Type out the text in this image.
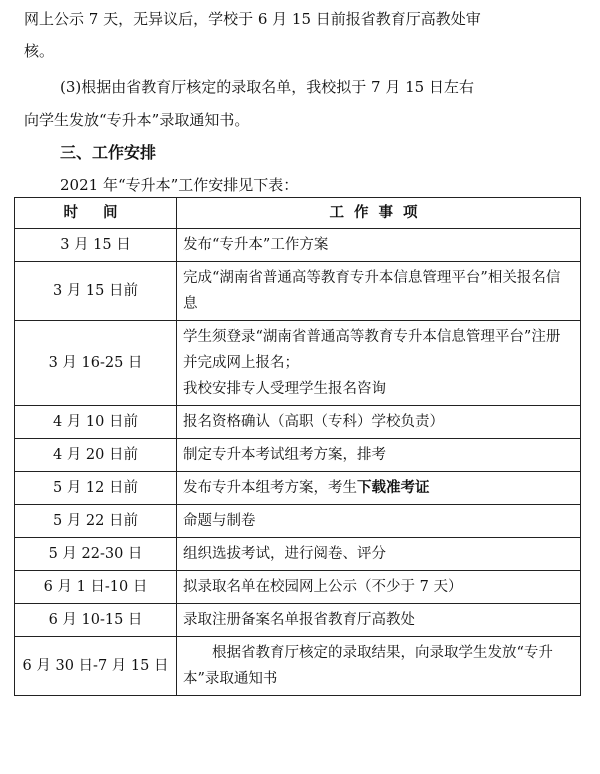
网上公示 7 天，无异议后，学校于 6 月 15 日前报省教育厅高教处审
核。
(3)根据由省教育厅核定的录取名单，我校拟于 7 月 15 日左右
向学生发放“专升本”录取通知书。
三、工作安排
2021 年“专升本”工作安排见下表：
时 间	工作事项
3 月 15 日	发布“专升本”工作方案
3 月 15 日前	完成“湖南省普通高等教育专升本信息管理平台”相关报名信息
3 月 16-25 日	学生须登录“湖南省普通高等教育专升本信息管理平台”注册并完成网上报名；
我校安排专人受理学生报名咨询

4 月 10 日前	报名资格确认（高职（专科）学校负责）
4 月 20 日前	制定专升本考试组考方案，排考
5 月 12 日前	发布专升本组考方案，考生下载准考证
5 月 22 日前	命题与制卷
5 月 22-30 日	组织选拔考试，进行阅卷、评分
6 月 1 日-10 日	拟录取名单在校园网上公示（不少于 7 天）
6 月 10-15 日	录取注册备案名单报省教育厅高教处
6 月 30 日-7 月 15 日	根据省教育厅核定的录取结果，向录取学生发放“专升本”录取通知书
